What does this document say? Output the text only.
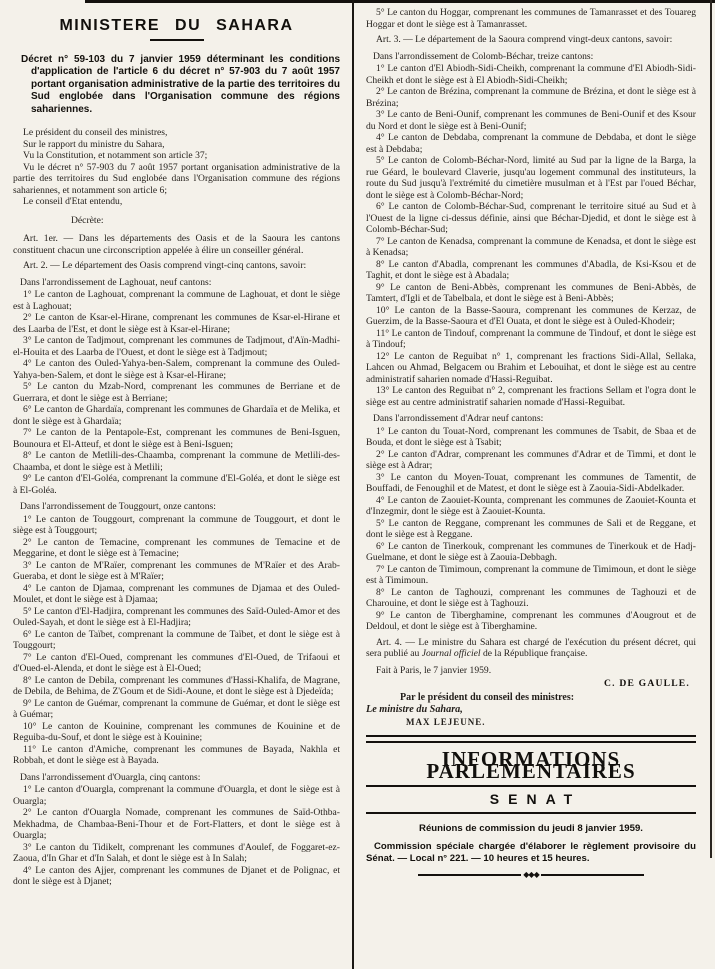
MINISTERE DU SAHARA

Décret n° 59-103 du 7 janvier 1959 déterminant les conditions d'application de l'article 6 du décret n° 57-903 du 7 août 1957 portant organisation administrative de la partie des territoires du Sud englobée dans l'Organisation commune des régions sahariennes.

Le président du conseil des ministres,

Sur le rapport du ministre du Sahara,

Vu la Constitution, et notamment son article 37;

Vu le décret n° 57-903 du 7 août 1957 portant organisation administrative de la partie des territoires du Sud englobée dans l'Organisation commune des régions sahariennes, et notamment son article 6;

Le conseil d'Etat entendu,

Décrète:

Art. 1er. — Dans les départements des Oasis et de la Saoura les cantons constituent chacun une circonscription appelée à élire un conseiller général.

Art. 2. — Le département des Oasis comprend vingt-cinq cantons, savoir:

Dans l'arrondissement de Laghouat, neuf cantons:

1° Le canton de Laghouat, comprenant la commune de Laghouat, et dont le siège est à Laghouat;

2° Le canton de Ksar-el-Hirane, comprenant les communes de Ksar-el-Hirane et des Laarba de l'Est, et dont le siège est à Ksar-el-Hirane;

3° Le canton de Tadjmout, comprenant les communes de Tadjmout, d'Aïn-Madhi-el-Houita et des Laarba de l'Ouest, et dont le siège est à Tadjmout;

4° Le canton des Ouled-Yahya-ben-Salem, comprenant la commune des Ouled-Yahya-ben-Salem, et dont le siège est à Ksar-el-Hirane;

5° Le canton du Mzab-Nord, comprenant les communes de Berriane et de Guerrara, et dont le siège est à Berriane;

6° Le canton de Ghardaïa, comprenant les communes de Ghardaïa et de Melika, et dont le siège est à Ghardaïa;

7° Le canton de la Pentapole-Est, comprenant les communes de Beni-Isguen, Bounoura et El-Atteuf, et dont le siège est à Beni-Isguen;

8° Le canton de Metlili-des-Chaamba, comprenant la commune de Metlili-des-Chaamba, et dont le siège est à Metlili;

9° Le canton d'El-Goléa, comprenant la commune d'El-Goléa, et dont le siège est à El-Goléa.

Dans l'arrondissement de Touggourt, onze cantons:

1° Le canton de Touggourt, comprenant la commune de Touggourt, et dont le siège est à Touggourt;

2° Le canton de Temacine, comprenant les communes de Temacine et de Meggarine, et dont le siège est à Temacine;

3° Le canton de M'Raïer, comprenant les communes de M'Raïer et des Arab-Gueraba, et dont le siège est à M'Raïer;

4° Le canton de Djamaa, comprenant les communes de Djamaa et des Ouled-Moulet, et dont le siège est à Djamaa;

5° Le canton d'El-Hadjira, comprenant les communes des Saïd-Ouled-Amor et des Ouled-Sayah, et dont le siège est à El-Hadjira;

6° Le canton de Taïbet, comprenant la commune de Taïbet, et dont le siège est à Touggourt;

7° Le canton d'El-Oued, comprenant les communes d'El-Oued, de Trifaoui et d'Oued-el-Alenda, et dont le siège est à El-Oued;

8° Le canton de Debila, comprenant les communes d'Hassi-Khalifa, de Magrane, de Debila, de Behima, de Z'Goum et de Sidi-Aoune, et dont le siège est à Djedeïda;

9° Le canton de Guémar, comprenant la commune de Guémar, et dont le siège est à Guémar;

10° Le canton de Kouinine, comprenant les communes de Kouinine et de Reguiba-du-Souf, et dont le siège est à Kouinine;

11° Le canton d'Amiche, comprenant les communes de Bayada, Nakhla et Robbah, et dont le siège est à Bayada.

Dans l'arrondissement d'Ouargla, cinq cantons:

1° Le canton d'Ouargla, comprenant la commune d'Ouargla, et dont le siège est à Ouargla;

2° Le canton d'Ouargla Nomade, comprenant les communes de Saïd-Othba-Mekhadma, de Chambaa-Beni-Thour et de Fort-Flatters, et dont le siège est à Ouargla;

3° Le canton du Tidikelt, comprenant les communes d'Aoulef, de Foggaret-ez-Zaoua, d'In Ghar et d'In Salah, et dont le siège est à In Salah;

4° Le canton des Ajjer, comprenant les communes de Djanet et de Polignac, et dont le siège est à Djanet;

5° Le canton du Hoggar, comprenant les communes de Tamanrasset et des Touareg Hoggar et dont le siège est à Tamanrasset.

Art. 3. — Le département de la Saoura comprend vingt-deux cantons, savoir:

Dans l'arrondissement de Colomb-Béchar, treize cantons:

1° Le canton d'El Abiodh-Sidi-Cheikh, comprenant la commune d'El Abiodh-Sidi-Cheikh et dont le siège est à El Abiodh-Sidi-Cheikh;

2° Le canton de Brézina, comprenant la commune de Brézina, et dont le siège est à Brézina;

3° Le canto de Beni-Ounif, comprenant les communes de Beni-Ounif et des Ksour du Nord et dont le siège est à Beni-Ounif;

4° Le canton de Debdaba, comprenant la commune de Debdaba, et dont le siège est à Debdaba;

5° Le canton de Colomb-Béchar-Nord, limité au Sud par la ligne de la Barga, la rue Géard, le boulevard Claverie, jusqu'au logement communal des instituteurs, la route du Sud jusqu'à l'extrémité du cimetière musulman et à l'Est par l'oued Béchar, dont le siège est à Colomb-Béchar-Nord;

6° Le canton de Colomb-Béchar-Sud, comprenant le territoire situé au Sud et à l'Ouest de la ligne ci-dessus définie, ainsi que Béchar-Djedid, et dont le siège est à Colomb-Béchar-Sud;

7° Le canton de Kenadsa, comprenant la commune de Kenadsa, et dont le siège est à Kenadsa;

8° Le canton d'Abadla, comprenant les communes d'Abadla, de Ksi-Ksou et de Taghit, et dont le siège est à Abadala;

9° Le canton de Beni-Abbès, comprenant les communes de Beni-Abbès, de Tamtert, d'Igli et de Tabelbala, et dont le siège est à Beni-Abbès;

10° Le canton de la Basse-Saoura, comprenant les communes de Kerzaz, de Guerzim, de la Basse-Saoura et d'El Ouata, et dont le siège est à Ouled-Khodeir;

11° Le canton de Tindouf, comprenant la commune de Tindouf, et dont le siège est à Tindouf;

12° Le canton de Reguibat n° 1, comprenant les fractions Sidi-Allal, Sellaka, Lahcen ou Ahmad, Belgacem ou Brahim et Lebouihat, et dont le siège est au centre administratif saharien nomade d'Hassi-Reguibat.

13° Le canton des Reguibat n° 2, comprenant les fractions Sellam et l'ogra dont le siège est au centre administratif saharien nomade d'Hassi-Reguibat.

Dans l'arrondissement d'Adrar neuf cantons:

1° Le canton du Touat-Nord, comprenant les communes de Tsabit, de Sbaa et de Bouda, et dont le siège est à Tsabit;

2° Le canton d'Adrar, comprenant les communes d'Adrar et de Timmi, et dont le siège est à Adrar;

3° Le canton du Moyen-Touat, comprenant les communes de Tamentit, de Bouffadi, de Fenoughil et de Matest, et dont le siège est à Zaouia-Sidi-Abdelkader.

4° Le canton de Zaouiet-Kounta, comprenant les communes de Zaouiet-Kounta et d'Inzegmir, dont le siège est à Zaouiet-Kounta.

5° Le canton de Reggane, comprenant les communes de Sali et de Reggane, et dont le siège est à Reggane.

6° Le canton de Tinerkouk, comprenant les communes de Tinerkouk et de Hadj-Guelmane, et dont le siège est à Zaouia-Debbagh.

7° Le canton de Timimoun, comprenant la commune de Timimoun, et dont le siège est à Timimoun.

8° Le canton de Taghouzi, comprenant les communes de Taghouzi et de Charouine, et dont le siège est à Taghouzi.

9° Le canton de Tiberghamine, comprenant les communes d'Aougrout et de Deldoul, et dont le siège est à Tiberghamine.

Art. 4. — Le ministre du Sahara est chargé de l'exécution du présent décret, qui sera publié au Journal officiel de la République française.

Fait à Paris, le 7 janvier 1959.

C. DE GAULLE.

Par le président du conseil des ministres:

Le ministre du Sahara,

MAX LEJEUNE.

INFORMATIONS PARLEMENTAIRES
SENAT

Réunions de commission du jeudi 8 janvier 1959.

Commission spéciale chargée d'élaborer le règlement provisoire du Sénat. — Local n° 221. — 10 heures et 15 heures.

◆◆◆
